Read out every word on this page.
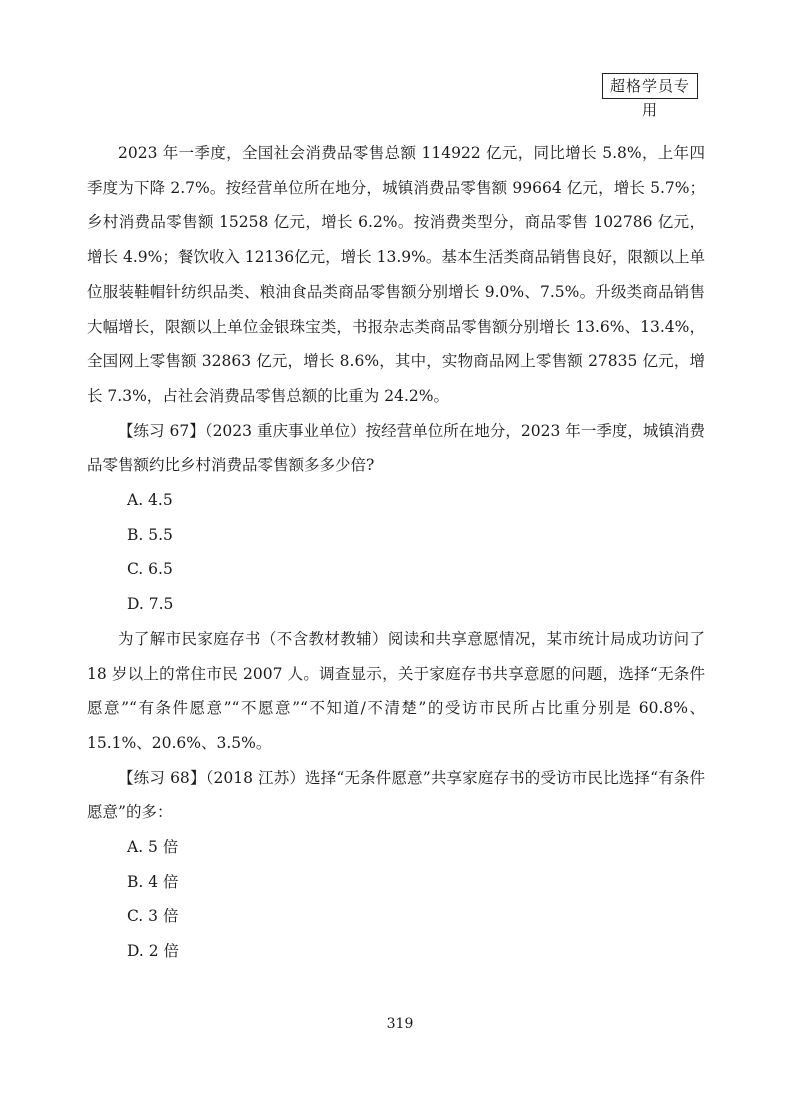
超格学员专用

2023 年一季度，全国社会消费品零售总额 114922 亿元，同比增长 5.8%，上年四季度为下降 2.7%。按经营单位所在地分，城镇消费品零售额 99664 亿元，增长 5.7%；乡村消费品零售额 15258 亿元，增长 6.2%。按消费类型分，商品零售 102786 亿元，增长 4.9%；餐饮收入 12136亿元，增长 13.9%。基本生活类商品销售良好，限额以上单位服装鞋帽针纺织品类、粮油食品类商品零售额分别增长 9.0%、7.5%。升级类商品销售大幅增长，限额以上单位金银珠宝类，书报杂志类商品零售额分别增长 13.6%、13.4%，全国网上零售额 32863 亿元，增长 8.6%，其中，实物商品网上零售额 27835 亿元，增长 7.3%，占社会消费品零售总额的比重为 24.2%。

【练习 67】（2023 重庆事业单位）按经营单位所在地分，2023 年一季度，城镇消费品零售额约比乡村消费品零售额多多少倍?

A. 4.5

B. 5.5

C. 6.5

D. 7.5

为了解市民家庭存书（不含教材教辅）阅读和共享意愿情况，某市统计局成功访问了 18 岁以上的常住市民 2007 人。调查显示，关于家庭存书共享意愿的问题，选择“无条件愿意”“有条件愿意”“不愿意”“不知道/不清楚”的受访市民所占比重分别是 60.8%、15.1%、20.6%、3.5%。

【练习 68】（2018 江苏）选择“无条件愿意”共享家庭存书的受访市民比选择“有条件愿意”的多：

A. 5 倍

B. 4 倍

C. 3 倍

D. 2 倍

319
